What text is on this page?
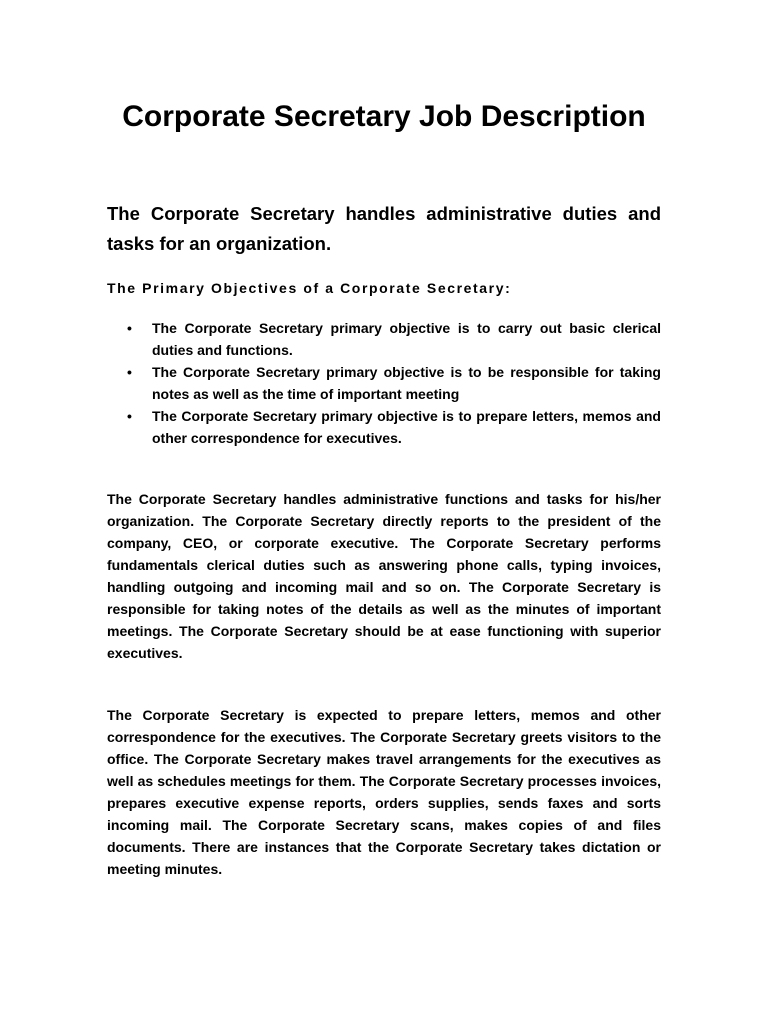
Corporate Secretary Job Description

The Corporate Secretary handles administrative duties and tasks for an organization.

The Primary Objectives of a Corporate Secretary:

•	The Corporate Secretary primary objective is to carry out basic clerical duties and functions.
•	The Corporate Secretary primary objective is to be responsible for taking notes as well as the time of important meeting
•	The Corporate Secretary primary objective is to prepare letters, memos and other correspondence for executives.

The Corporate Secretary handles administrative functions and tasks for his/her organization. The Corporate Secretary directly reports to the president of the company, CEO, or corporate executive. The Corporate Secretary performs fundamentals clerical duties such as answering phone calls, typing invoices, handling outgoing and incoming mail and so on. The Corporate Secretary is responsible for taking notes of the details as well as the minutes of important meetings. The Corporate Secretary should be at ease functioning with superior executives.

The Corporate Secretary is expected to prepare letters, memos and other correspondence for the executives. The Corporate Secretary greets visitors to the office. The Corporate Secretary makes travel arrangements for the executives as well as schedules meetings for them. The Corporate Secretary processes invoices, prepares executive expense reports, orders supplies, sends faxes and sorts incoming mail. The Corporate Secretary scans, makes copies of and files documents. There are instances that the Corporate Secretary takes dictation or meeting minutes.
